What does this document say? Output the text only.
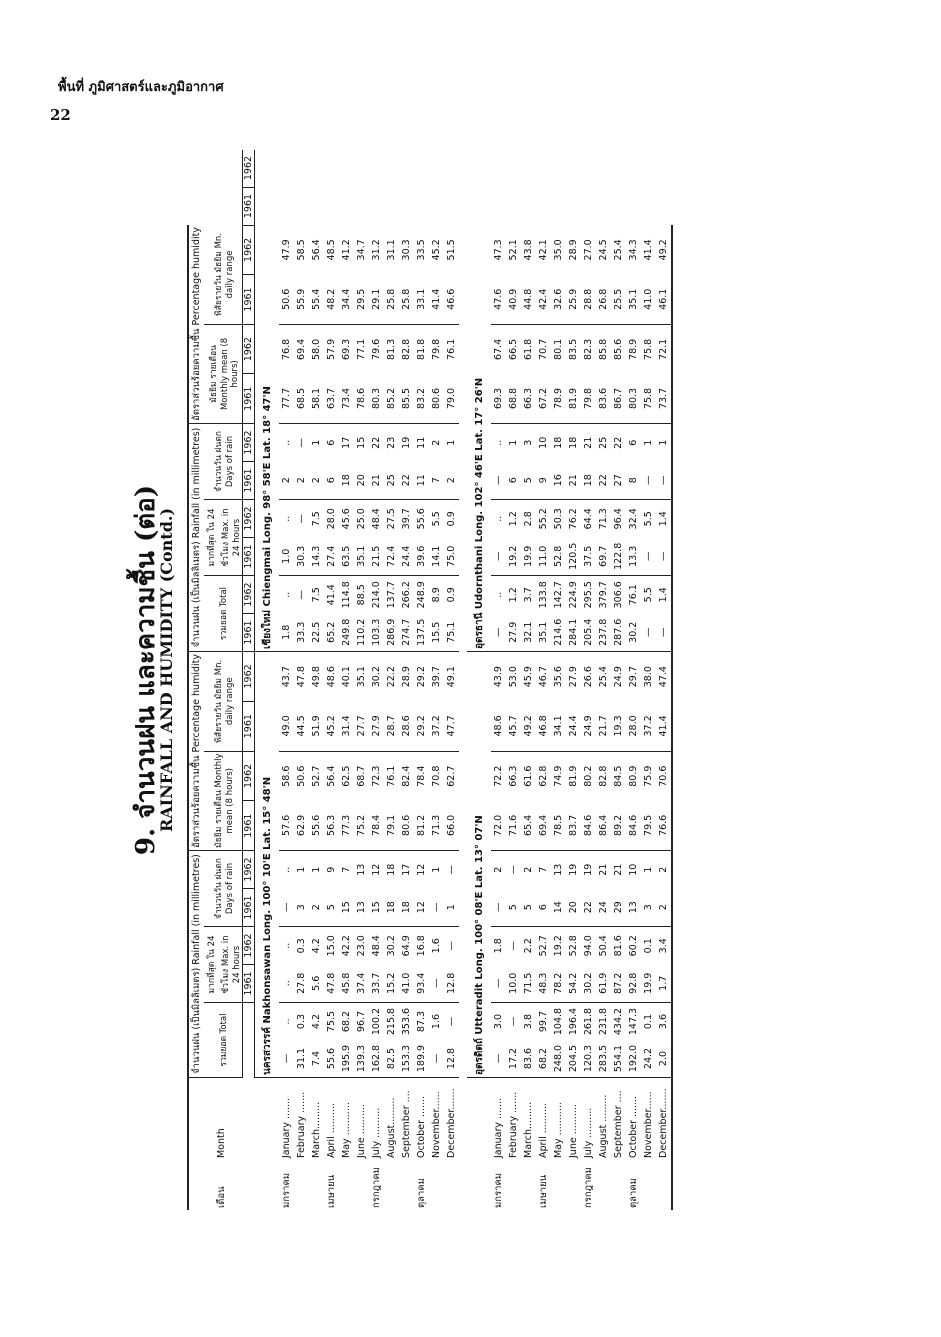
พื้นที่ ภูมิศาสตร์และภูมิอากาศ
22
9. จำนวนฝน และความชื้น (ต่อ)
RAINFALL AND HUMIDITY (Contd.)
เดือน	Month	จำนวนฝน (เป็นมิลลิเมตร) Rainfall (in millimetres)						อัตราส่วนร้อยความชื้น Percentage humidity				จำนวนฝน (เป็นมิลลิเมตร) Rainfall (in millimetres)						อัตราส่วนร้อยความชื้น Percentage humidity					
		รวมยอด Total		มากที่สุด ใน 24 ชั่วโมง Max. in 24 hours		จำนวนวัน ฝนตก Days of rain		มัธยิม รายเดือน Monthly mean (8 hours)		พิสัยรายวัน มัธยิม Mn. daily range		รวมยอด Total		มากที่สุด ใน 24 ชั่วโมง Max. in 24 hours		จำนวนวัน ฝนตก Days of rain		มัธยิม รายเดือน Monthly mean (8 hours)		พิสัยรายวัน มัธยิม Mn. daily range			
				1961	1962	1961	1962	1961	1962	1961	1962	1961	1962	1961	1962	1961	1962	1961	1962	1961	1962	1961	1962
		นครสวรรค์ Nakhonsawan Long. 100° 10'E Lat. 15° 48'N										เชียงใหม่ Chiengmai Long. 98° 58'E Lat. 18° 47'N											
มกราคม	January .......	—	..	..	..	—	..	57.6	58.6	49.0	43.7	1.8	..	1.0	..	2	..	77.7	76.8	50.6	47.9		
	February .......	31.1	0.3	27.8	0.3	3	1	62.9	50.6	44.5	47.8	33.3	—	30.3	—	2	—	68.5	69.4	55.9	58.5		
	March.........	7.4	4.2	5.6	4.2	2	1	55.6	52.7	51.9	49.8	22.5	7.5	14.3	7.5	2	1	58.1	58.0	55.4	56.4		
เมษายน	April ..........	55.6	75.5	47.8	15.0	5	9	56.3	56.4	45.2	48.6	65.2	41.4	27.4	28.0	6	6	63.7	57.9	48.2	48.5		
	May ...........	195.9	68.2	45.8	42.2	15	7	77.3	62.5	31.4	40.1	249.8	114.8	63.5	45.6	18	17	73.4	69.3	34.4	41.2		
	June ..........	139.3	96.7	37.4	23.0	13	13	75.2	68.7	27.7	35.1	110.2	88.5	35.1	25.0	20	15	78.6	77.1	29.5	34.7		
กรกฎาคม	July ..........	162.8	100.2	33.7	48.4	15	12	78.4	72.3	27.9	30.2	103.3	214.0	21.5	48.4	21	22	80.3	79.6	29.1	31.2		
	August.........	82.5	215.8	15.2	30.2	18	18	79.1	76.1	28.7	22.2	286.9	137.7	72.4	27.5	25	23	85.2	81.3	25.8	31.1		
	September ....	153.3	353.6	41.0	64.9	18	17	80.6	82.4	28.6	28.9	274.7	266.2	24.4	39.7	22	19	85.5	82.8	25.8	30.3		
ตุลาคม	October .......	189.9	87.3	93.4	16.8	12	12	81.2	78.4	29.2	29.2	137.5	248.9	39.6	55.6	11	11	83.2	81.8	33.1	33.5		
	November......	—	1.6	—	1.6	—	1	71.3	70.8	37.2	39.7	15.5	8.9	14.1	5.5	7	2	80.6	79.8	41.4	45.2		
	December.......	12.8	—	12.8	—	1	—	66.0	62.7	47.7	49.1	75.1	0.9	75.0	0.9	2	1	79.0	76.1	46.6	51.5		

		อุตรดิตถ์ Utteradit Long. 100° 08'E Lat. 13° 07'N										อุดรธานี Udornthani Long. 102° 46'E Lat. 17° 26'N											
มกราคม	January .......	—	3.0	—	1.8	—	2	72.0	72.2	48.6	43.9	—	..	—	..	—	..	69.3	67.4	47.6	47.3		
	February .......	17.2	—	10.0	—	5	—	71.6	66.3	45.7	53.0	27.9	1.2	19.2	1.2	6	1	68.8	66.5	40.9	52.1		
	March.........	83.6	3.8	71.5	2.2	5	2	65.4	61.6	49.2	45.9	32.1	3.7	19.9	2.8	5	3	66.3	61.8	44.8	43.8		
เมษายน	April ..........	68.2	99.7	48.3	52.7	6	7	69.4	62.8	46.8	46.7	35.1	133.8	11.0	55.2	9	10	67.2	70.7	42.4	42.1		
	May ...........	248.0	104.8	78.2	19.2	14	13	78.5	74.9	34.1	35.6	214.6	142.7	52.8	50.3	16	18	78.9	80.1	32.6	35.0		
	June ..........	204.5	196.4	54.2	52.8	20	19	83.7	81.9	24.4	27.9	284.1	224.9	120.5	76.2	21	18	81.9	83.5	25.9	28.9		
กรกฎาคม	July ..........	120.3	261.8	30.2	94.0	22	19	84.6	80.2	24.9	26.6	205.4	295.5	37.5	64.4	18	21	79.8	82.3	28.8	27.0		
	August .........	283.5	231.8	61.9	50.4	24	21	86.4	82.8	21.7	25.4	237.8	379.7	69.7	71.3	22	25	83.6	85.8	26.8	24.5		
	September ....	554.1	434.2	87.2	81.6	29	21	89.2	84.5	19.3	24.9	287.6	306.6	122.8	96.4	27	22	86.7	85.6	25.5	25.4		
ตุลาคม	October .......	192.0	147.3	92.8	60.2	13	10	84.6	80.9	28.0	29.7	30.2	76.1	13.3	32.4	8	6	80.3	78.9	35.1	34.3		
	November......	24.2	0.1	19.9	0.1	3	1	79.5	75.9	37.2	38.0	—	5.5	—	5.5	—	1	75.8	75.8	41.0	41.4		
	December.......	2.0	3.6	1.7	3.4	2	2	76.6	70.6	41.4	47.4	—	1.4	—	1.4	—	1	73.7	72.1	46.1	49.2		
